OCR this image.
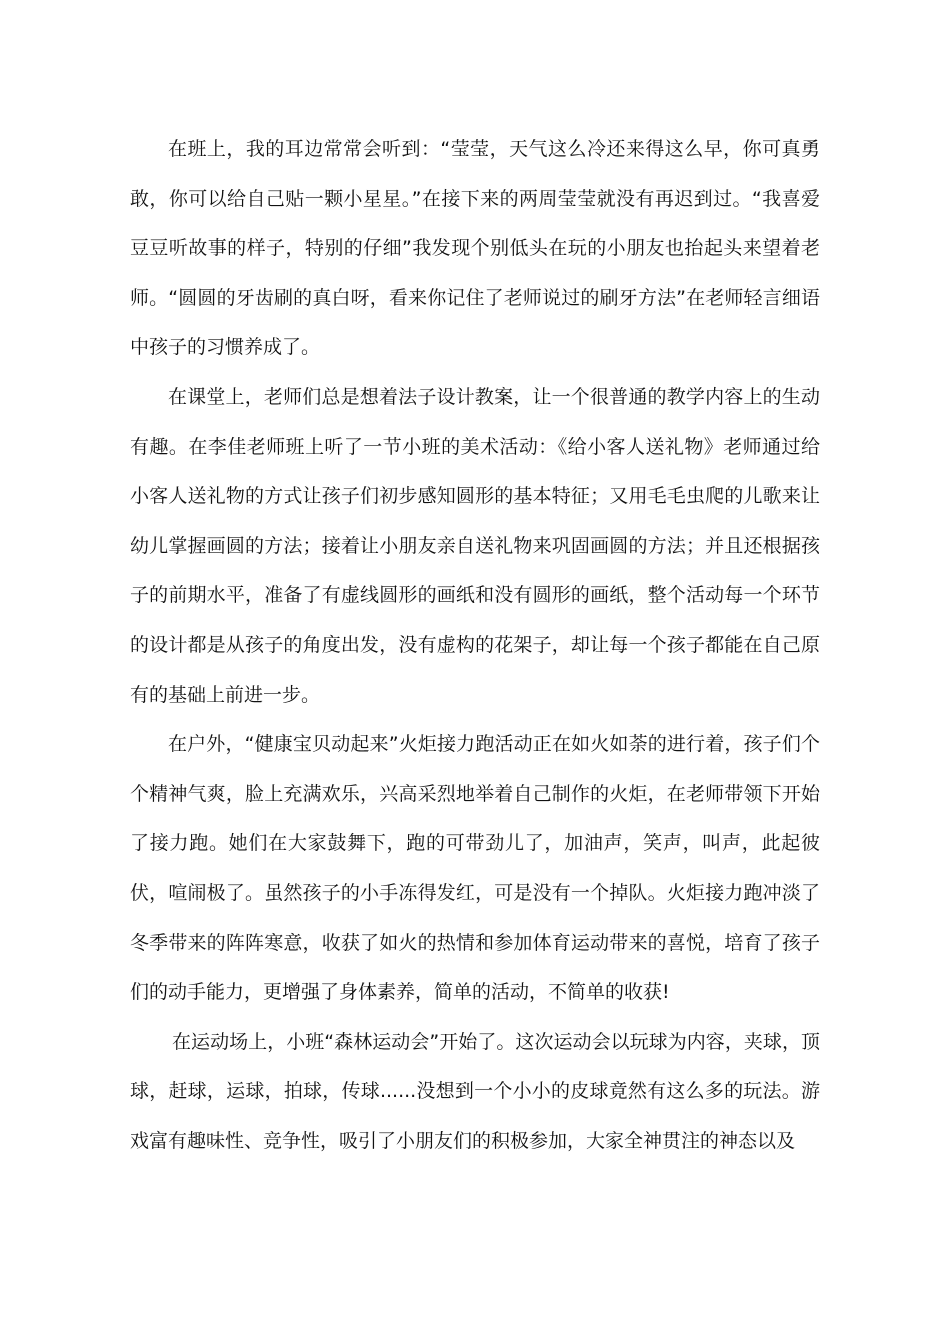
在班上，我的耳边常常会听到：“莹莹，天气这么冷还来得这么早，你可真勇敢，你可以给自己贴一颗小星星。”在接下来的两周莹莹就没有再迟到过。“我喜爱豆豆听故事的样子，特别的仔细”我发现个别低头在玩的小朋友也抬起头来望着老师。“圆圆的牙齿刷的真白呀，看来你记住了老师说过的刷牙方法”在老师轻言细语中孩子的习惯养成了。

在课堂上，老师们总是想着法子设计教案，让一个很普通的教学内容上的生动有趣。在李佳老师班上听了一节小班的美术活动：《给小客人送礼物》老师通过给小客人送礼物的方式让孩子们初步感知圆形的基本特征；又用毛毛虫爬的儿歌来让幼儿掌握画圆的方法；接着让小朋友亲自送礼物来巩固画圆的方法；并且还根据孩子的前期水平，准备了有虚线圆形的画纸和没有圆形的画纸，整个活动每一个环节的设计都是从孩子的角度出发，没有虚构的花架子，却让每一个孩子都能在自己原有的基础上前进一步。

在户外，“健康宝贝动起来”火炬接力跑活动正在如火如荼的进行着，孩子们个个精神气爽，脸上充满欢乐，兴高采烈地举着自己制作的火炬，在老师带领下开始了接力跑。她们在大家鼓舞下，跑的可带劲儿了，加油声，笑声，叫声，此起彼伏，喧闹极了。虽然孩子的小手冻得发红，可是没有一个掉队。火炬接力跑冲淡了冬季带来的阵阵寒意，收获了如火的热情和参加体育运动带来的喜悦，培育了孩子们的动手能力，更增强了身体素养，简单的活动，不简单的收获!

在运动场上，小班“森林运动会”开始了。这次运动会以玩球为内容，夹球，顶球，赶球，运球，拍球，传球......没想到一个小小的皮球竟然有这么多的玩法。游戏富有趣味性、竞争性，吸引了小朋友们的积极参加，大家全神贯注的神态以及
